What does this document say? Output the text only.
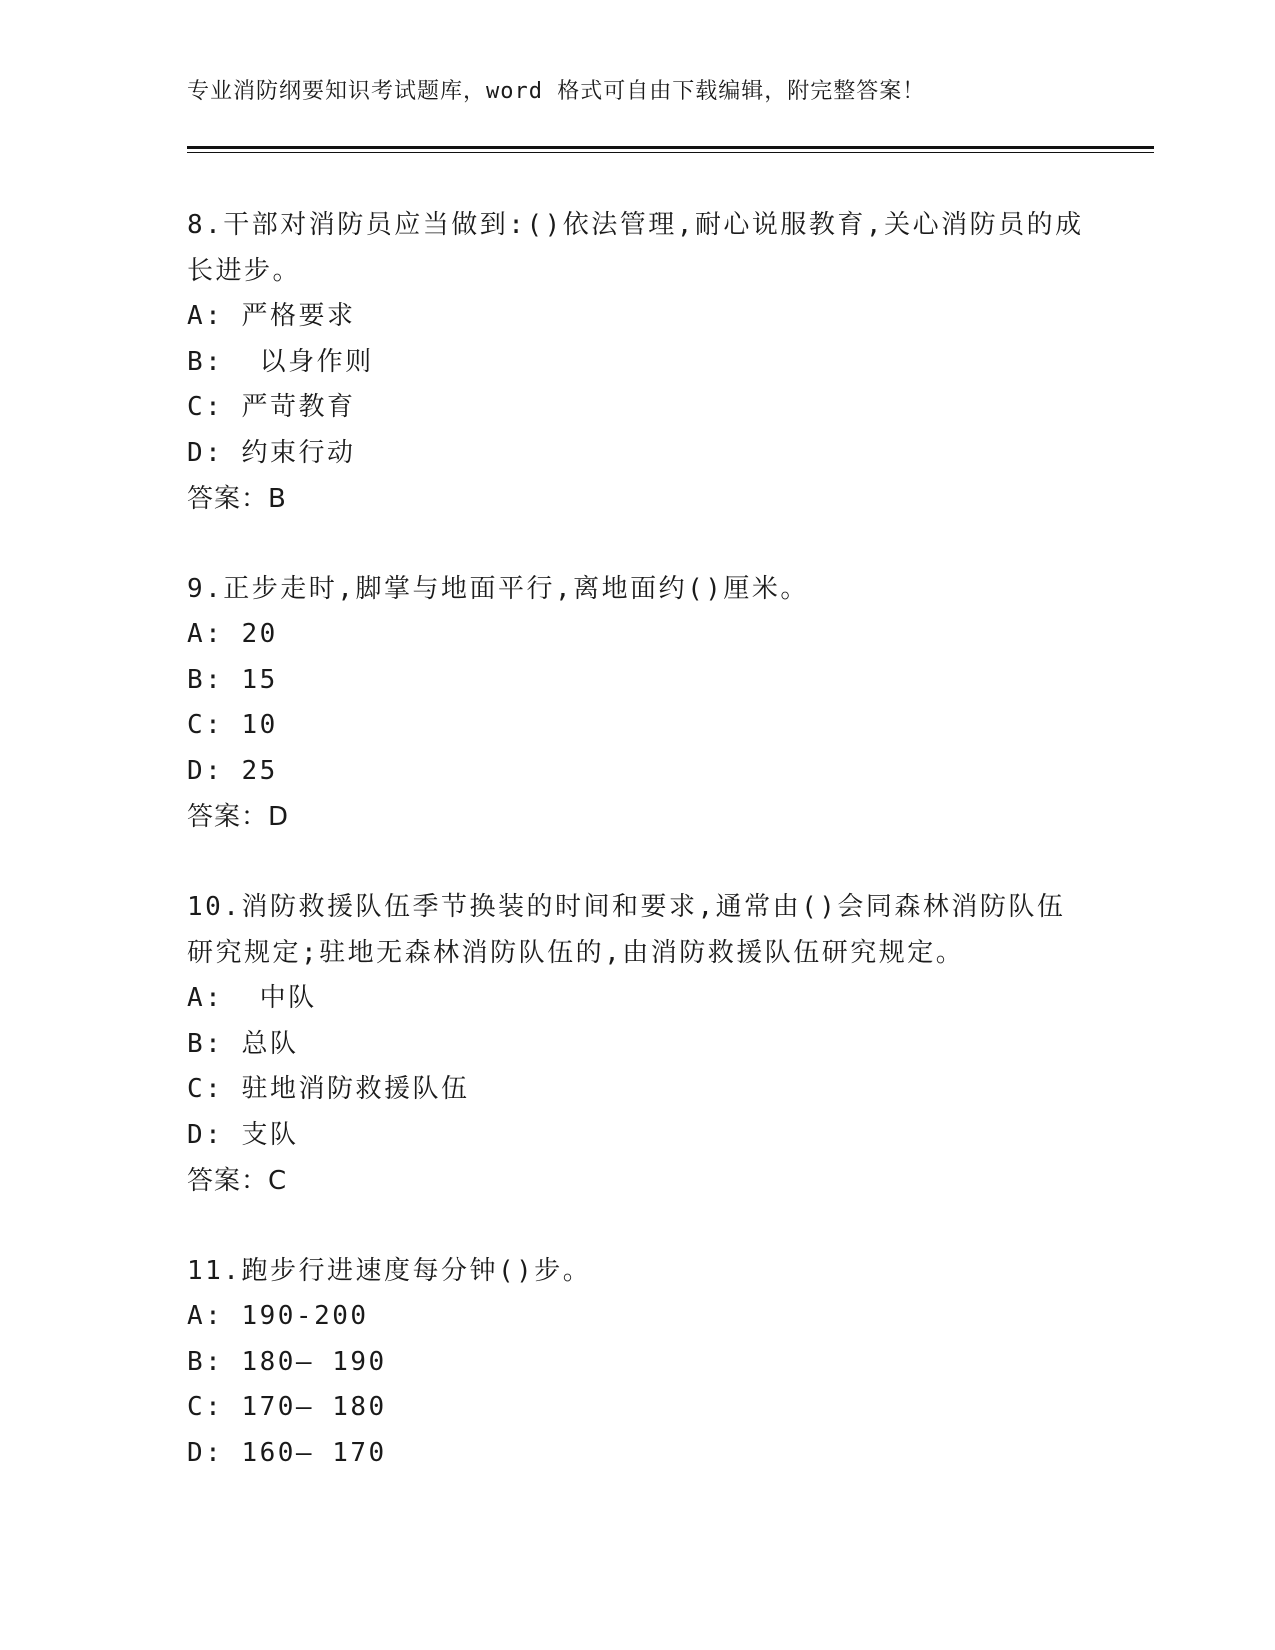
专业消防纲要知识考试题库，word 格式可自由下载编辑，附完整答案！
8.干部对消防员应当做到:()依法管理,耐心说服教育,关心消防员的成长进步。
A: 严格要求
B:  以身作则
C: 严苛教育
D: 约束行动
答案：B
9.正步走时,脚掌与地面平行,离地面约()厘米。
A: 20
B: 15
C: 10
D: 25
答案：D
10.消防救援队伍季节换装的时间和要求,通常由()会同森林消防队伍研究规定;驻地无森林消防队伍的,由消防救援队伍研究规定。
A:  中队
B: 总队
C: 驻地消防救援队伍
D: 支队
答案：C
11.跑步行进速度每分钟()步。
A: 190-200
B: 180— 190
C: 170— 180
D: 160— 170
